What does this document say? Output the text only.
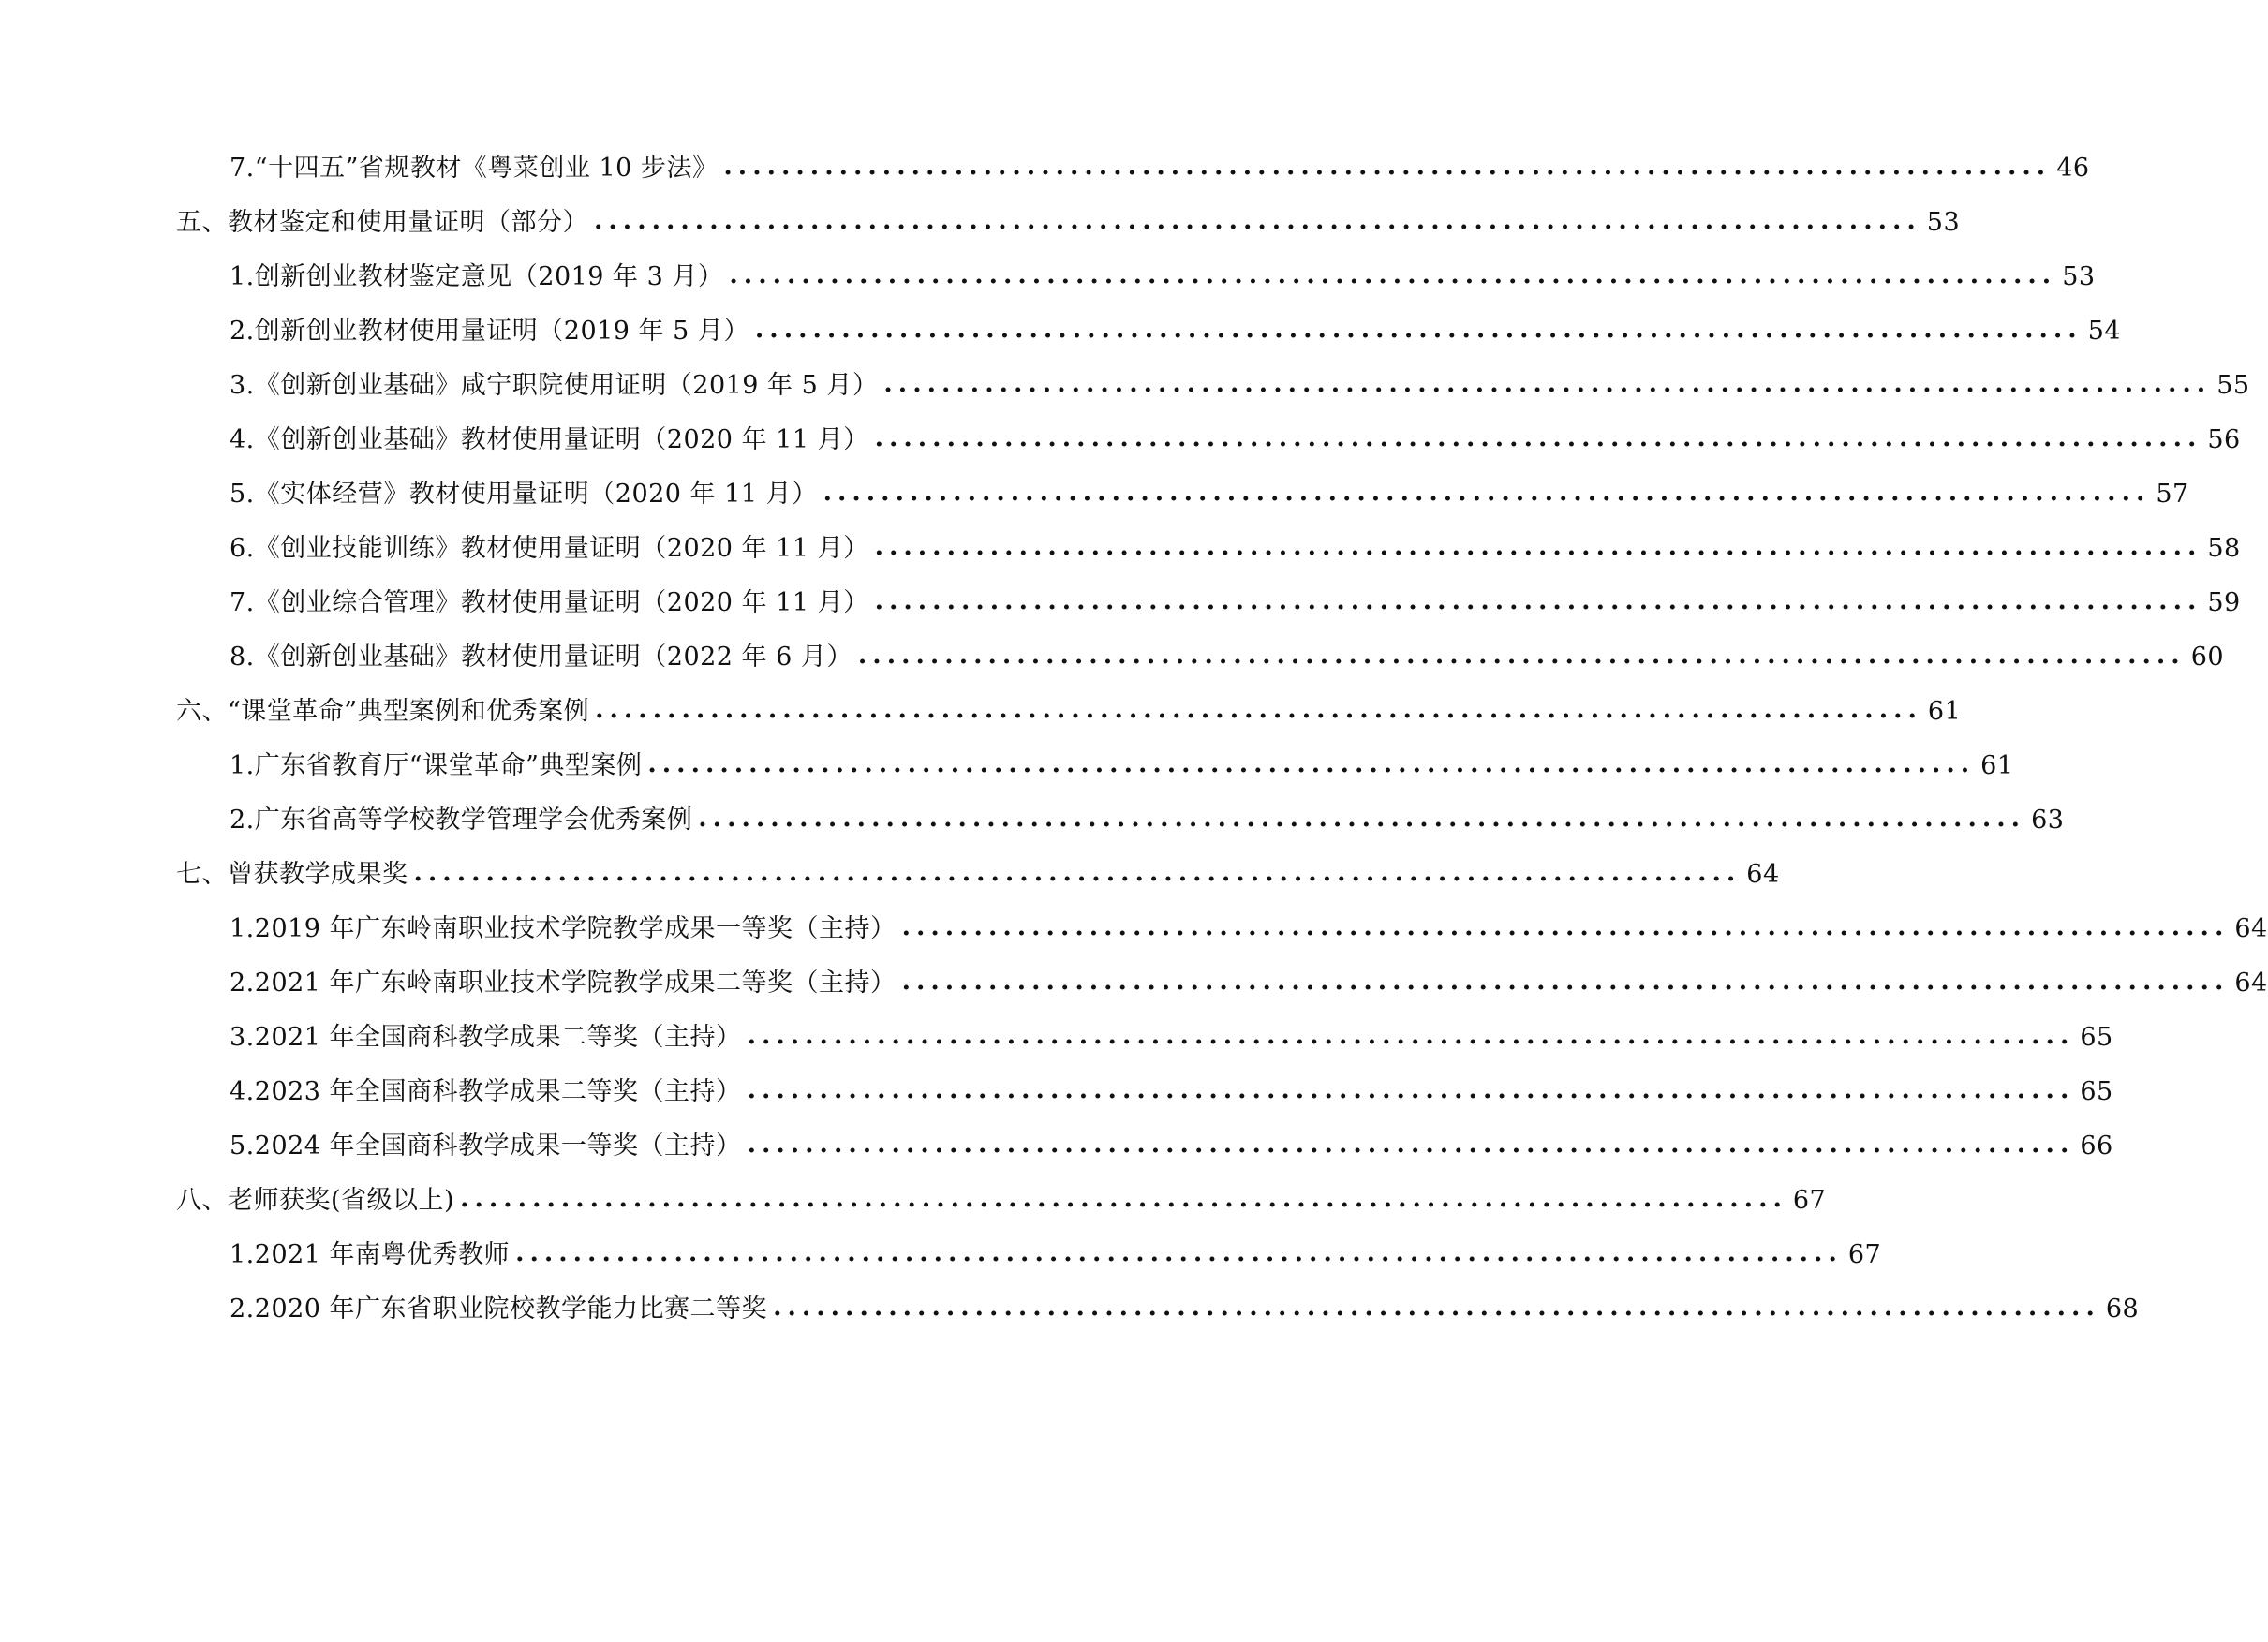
7.“十四五”省规教材《粤菜创业 10 步法》 ............................................................................................ 46
五、教材鉴定和使用量证明（部分） ............................................................................................ 53
1.创新创业教材鉴定意见（2019 年 3 月） ............................................................................................ 53
2.创新创业教材使用量证明（2019 年 5 月） ............................................................................................ 54
3.《创新创业基础》咸宁职院使用证明（2019 年 5 月） ............................................................................................ 55
4.《创新创业基础》教材使用量证明（2020 年 11 月） ............................................................................................ 56
5.《实体经营》教材使用量证明（2020 年 11 月） ............................................................................................ 57
6.《创业技能训练》教材使用量证明（2020 年 11 月） ............................................................................................ 58
7.《创业综合管理》教材使用量证明（2020 年 11 月） ............................................................................................ 59
8.《创新创业基础》教材使用量证明（2022 年 6 月） ............................................................................................ 60
六、“课堂革命”典型案例和优秀案例 ............................................................................................ 61
1.广东省教育厅“课堂革命”典型案例 ............................................................................................ 61
2.广东省高等学校教学管理学会优秀案例 ............................................................................................ 63
七、曾获教学成果奖 ............................................................................................ 64
1.2019 年广东岭南职业技术学院教学成果一等奖（主持） ............................................................................................ 64
2.2021 年广东岭南职业技术学院教学成果二等奖（主持） ............................................................................................ 64
3.2021 年全国商科教学成果二等奖（主持） ............................................................................................ 65
4.2023 年全国商科教学成果二等奖（主持） ............................................................................................ 65
5.2024 年全国商科教学成果一等奖（主持） ............................................................................................ 66
八、老师获奖(省级以上) ............................................................................................ 67
1.2021 年南粤优秀教师 ............................................................................................ 67
2.2020 年广东省职业院校教学能力比赛二等奖 ............................................................................................ 68
